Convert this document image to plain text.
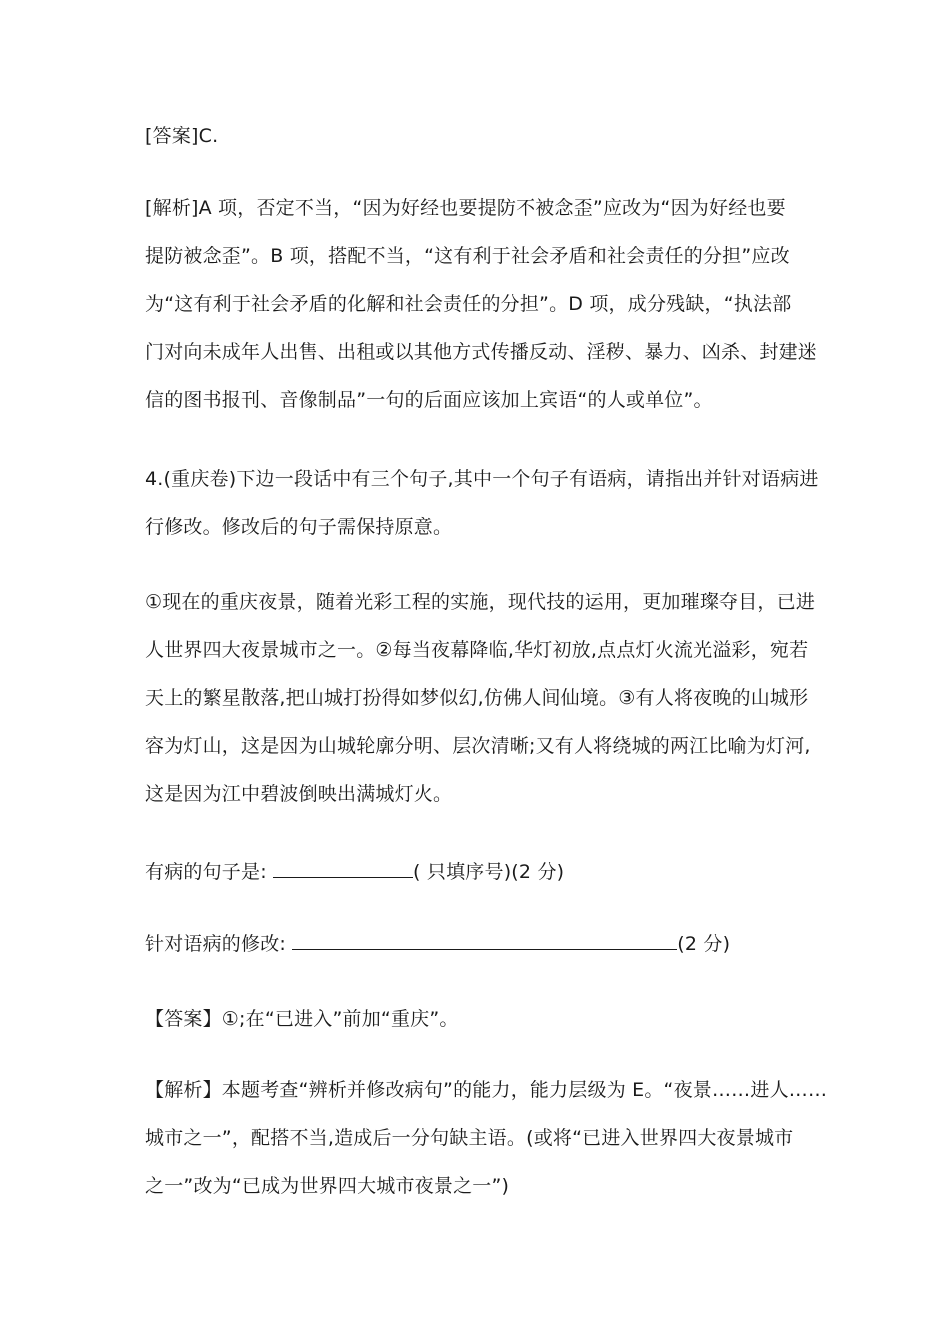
[答案]C.

[解析]A 项，否定不当，“因为好经也要提防不被念歪”应改为“因为好经也要
提防被念歪”。B 项，搭配不当，“这有利于社会矛盾和社会责任的分担”应改
为“这有利于社会矛盾的化解和社会责任的分担”。D 项，成分残缺，“执法部
门对向未成年人出售、出租或以其他方式传播反动、淫秽、暴力、凶杀、封建迷
信的图书报刊、音像制品”一句的后面应该加上宾语“的人或单位”。

4.(重庆卷)下边一段话中有三个句子,其中一个句子有语病，请指出并针对语病进
行修改。修改后的句子需保持原意。

①现在的重庆夜景，随着光彩工程的实施，现代技的运用，更加璀璨夺目，已进
人世界四大夜景城市之一。②每当夜幕降临,华灯初放,点点灯火流光溢彩，宛若
天上的繁星散落,把山城打扮得如梦似幻,仿佛人间仙境。③有人将夜晚的山城形
容为灯山，这是因为山城轮廓分明、层次清晰;又有人将绕城的两江比喻为灯河,
这是因为江中碧波倒映出满城灯火。

有病的句子是:	( 只填序号)(2 分)

针对语病的修改:	(2 分)

【答案】①;在“已进入”前加“重庆”。

【解析】本题考查“辨析并修改病句”的能力，能力层级为 E。“夜景……进人……
城市之一”，配搭不当,造成后一分句缺主语。(或将“已进入世界四大夜景城市
之一”改为“已成为世界四大城市夜景之一”)
